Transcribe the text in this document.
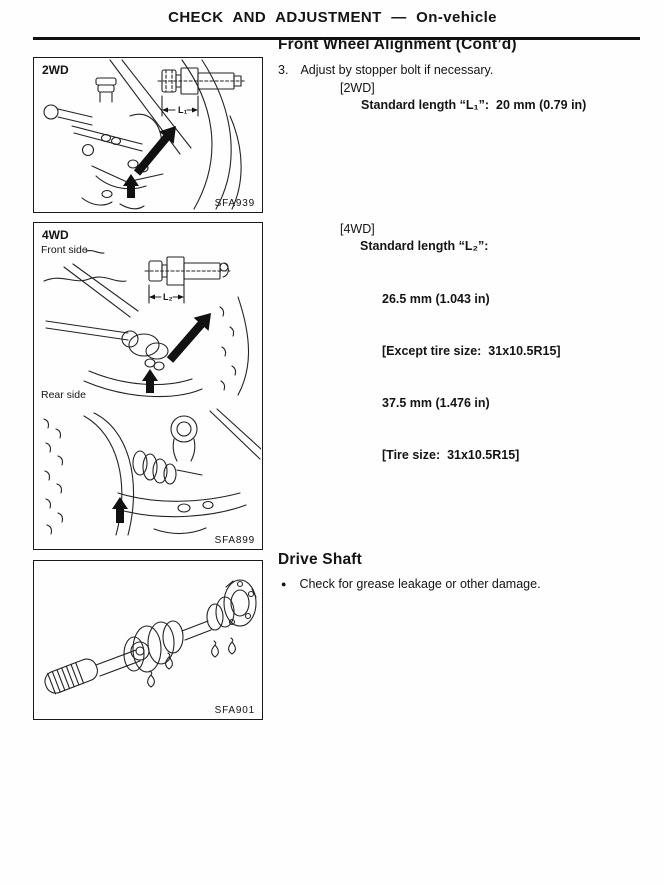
CHECK AND ADJUSTMENT — On-vehicle
L₁
2WD
SFA939
L₂
4WD
Front side
Rear side
SFA899
SFA901
Front Wheel Alignment (Cont’d)
3. Adjust by stopper bolt if necessary.
[2WD]
Standard length “L₁”:  20 mm (0.79 in)
[4WD]
Standard length “L₂”:

26.5 mm (1.043 in)

[Except tire size:  31x10.5R15]

37.5 mm (1.476 in)

[Tire size:  31x10.5R15]

Drive Shaft
● Check for grease leakage or other damage.
